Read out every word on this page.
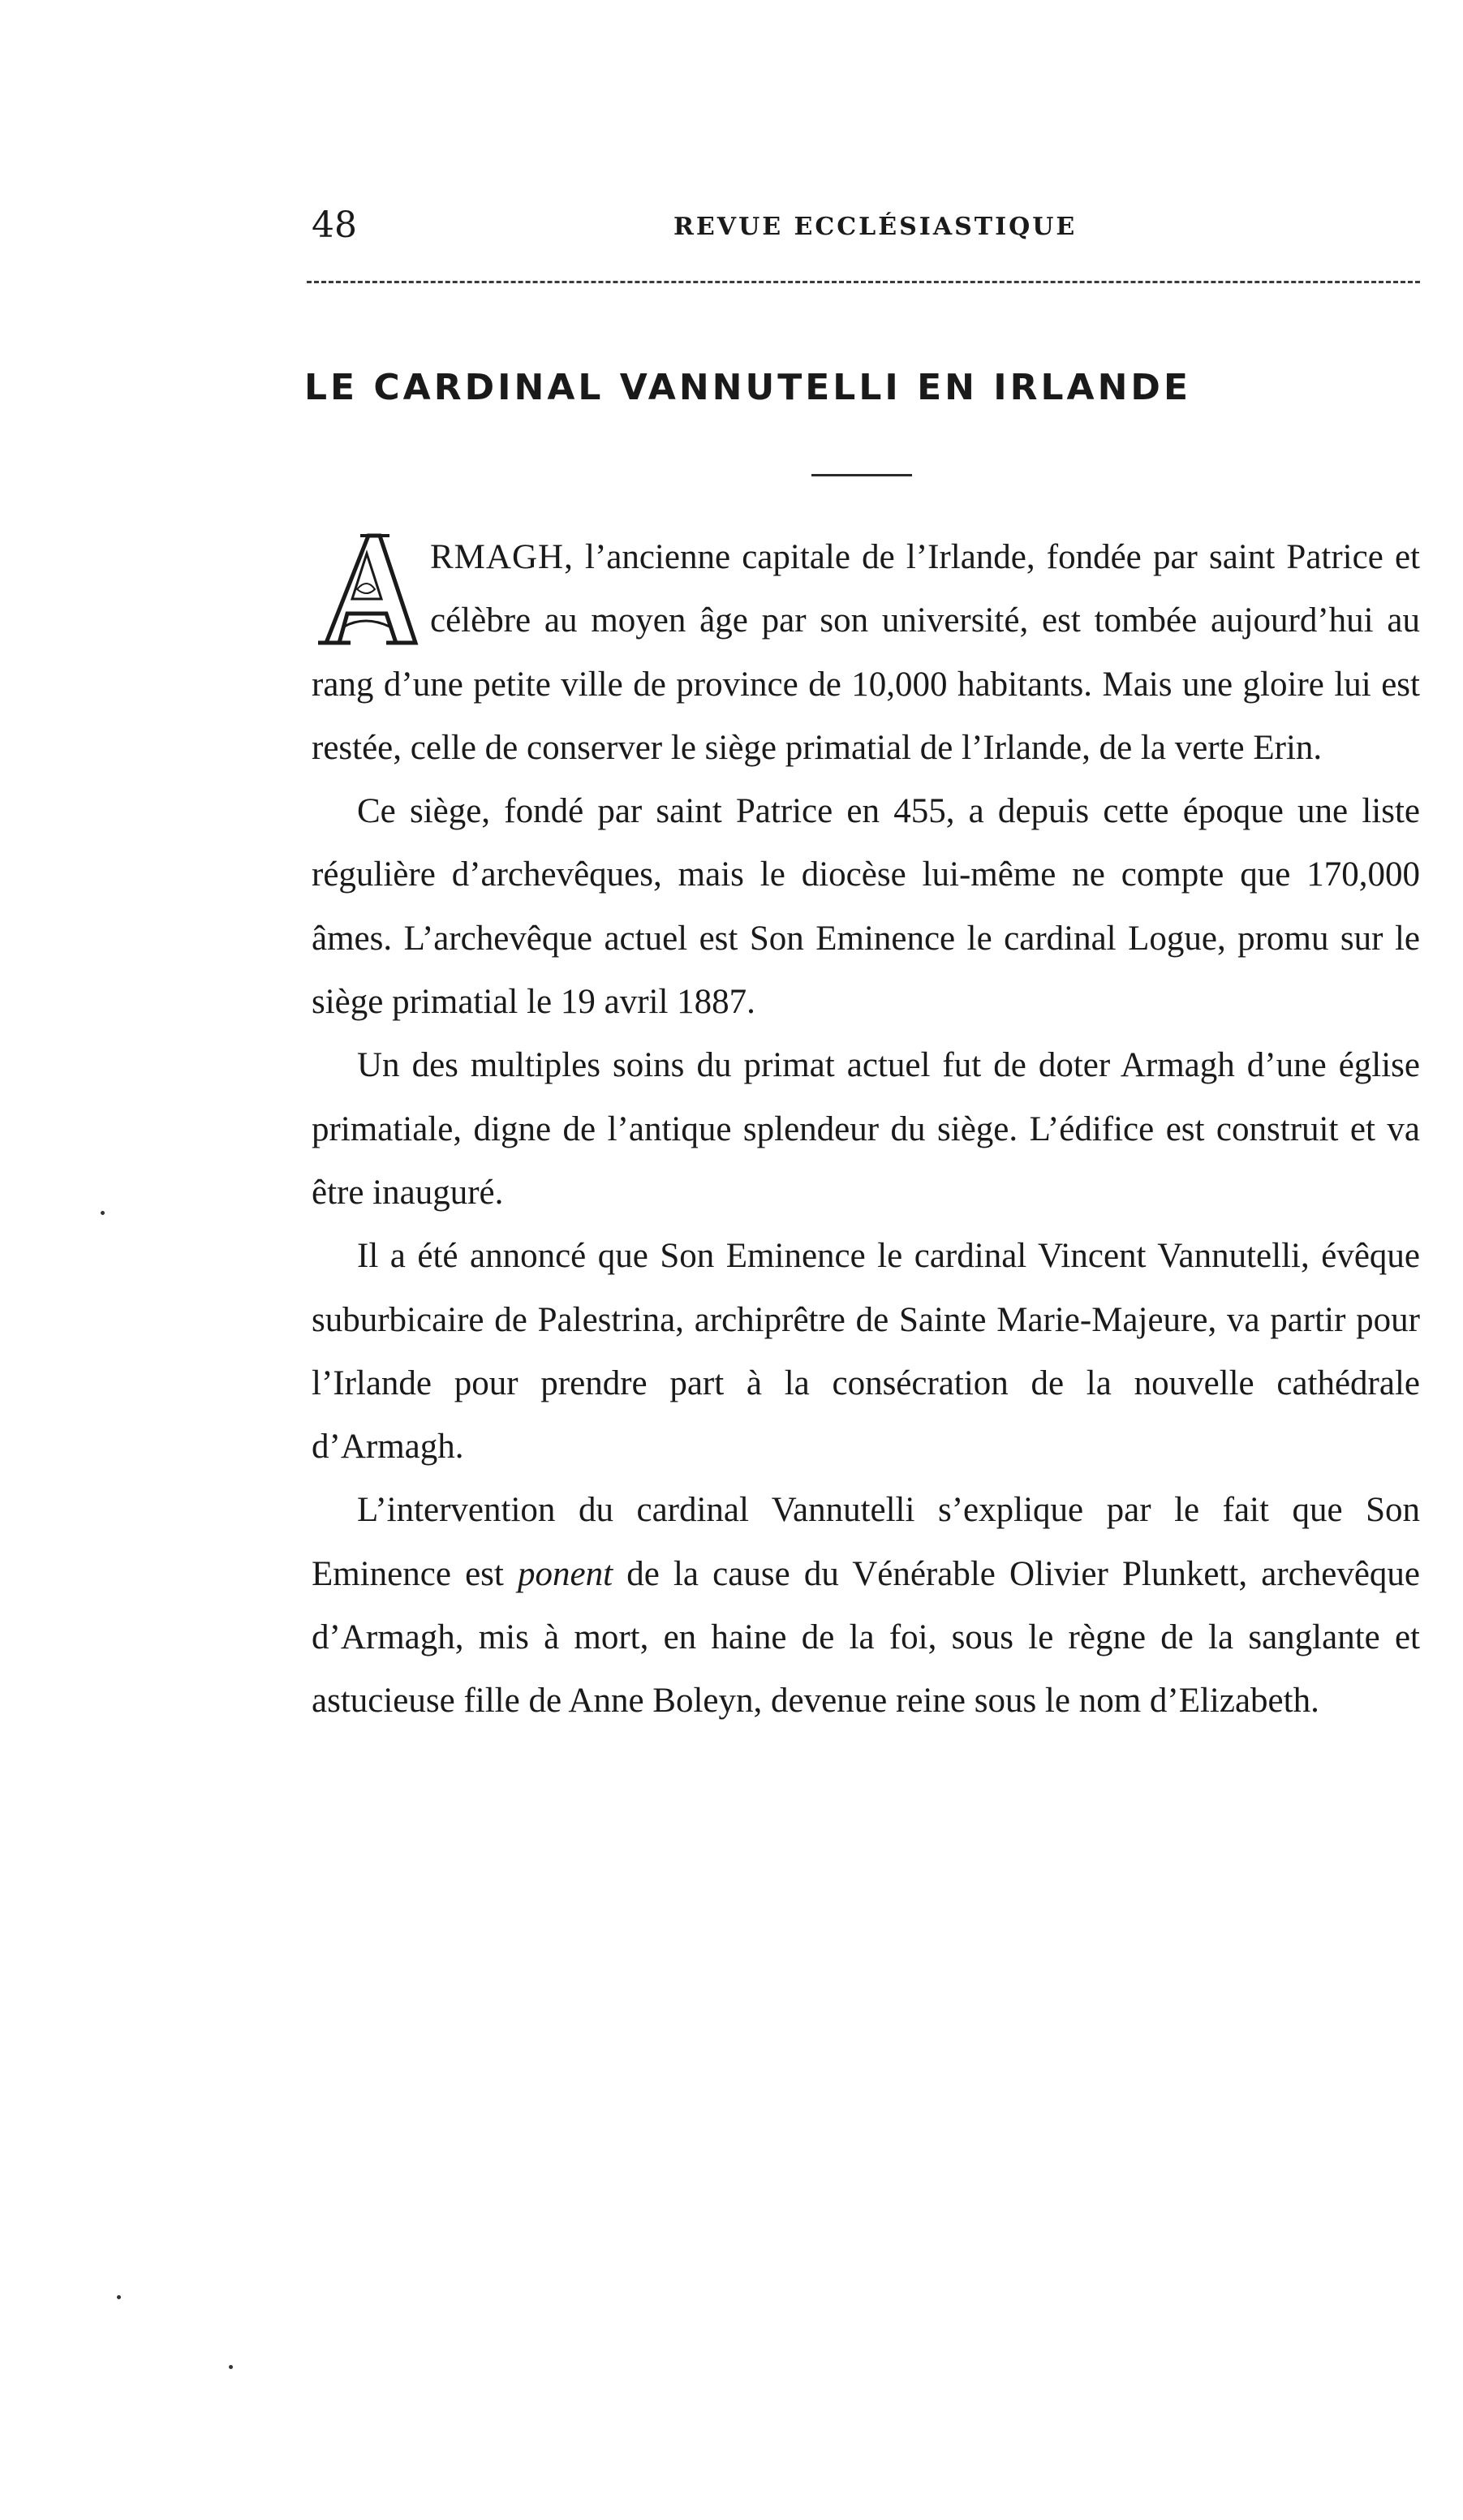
48	REVUE ECCLÉSIASTIQUE
LE CARDINAL VANNUTELLI EN IRLANDE

RMAGH, l’ancienne capitale de l’Irlande, fondée par saint Patrice et célèbre au moyen âge par son université, est tombée aujourd’hui au rang d’une petite ville de province de 10,000 habitants. Mais une gloire lui est restée, celle de conserver le siège primatial de l’Irlande, de la verte Erin.

Ce siège, fondé par saint Patrice en 455, a depuis cette époque une liste régulière d’archevêques, mais le diocèse lui-même ne compte que 170,000 âmes. L’archevêque actuel est Son Eminence le cardinal Logue, promu sur le siège primatial le 19 avril 1887.

Un des multiples soins du primat actuel fut de doter Armagh d’une église primatiale, digne de l’antique splendeur du siège. L’édifice est construit et va être inauguré.

Il a été annoncé que Son Eminence le cardinal Vincent Vannutelli, évêque suburbicaire de Palestrina, archiprêtre de Sainte Marie-Majeure, va partir pour l’Irlande pour prendre part à la consécration de la nouvelle cathédrale d’Armagh.

L’intervention du cardinal Vannutelli s’explique par le fait que Son Eminence est ponent de la cause du Vénérable Olivier Plunkett, archevêque d’Armagh, mis à mort, en haine de la foi, sous le règne de la sanglante et astucieuse fille de Anne Boleyn, devenue reine sous le nom d’Elizabeth.
